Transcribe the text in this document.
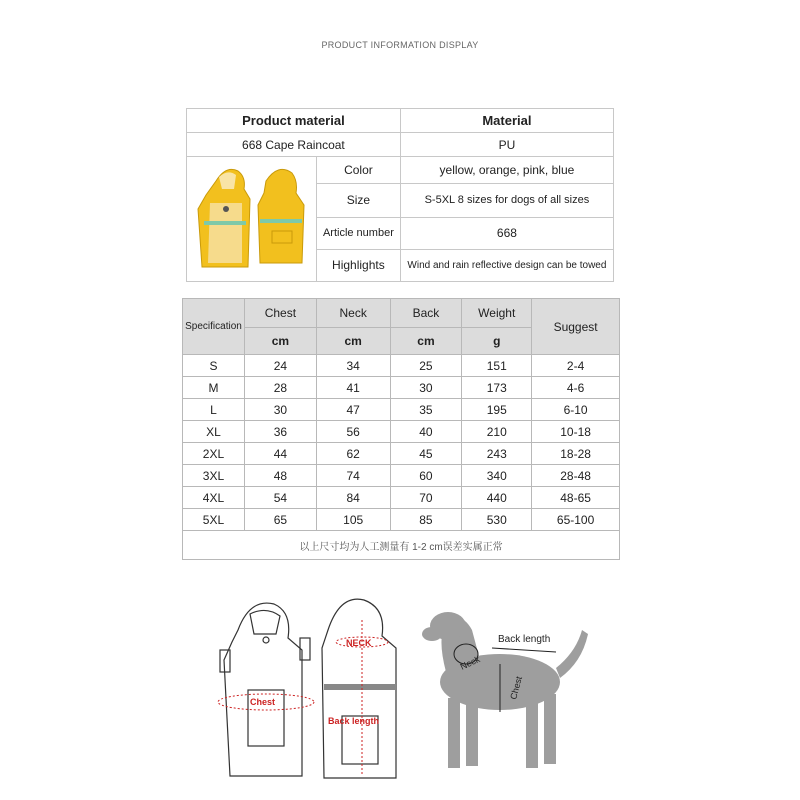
PRODUCT INFORMATION DISPLAY
Product material		Material
668 Cape Raincoat		PU
	Color	yellow, orange, pink, blue
	Size	S-5XL 8 sizes for dogs of all sizes
	Article number	668
	Highlights	Wind and rain reflective design can be towed
Specification	Chest	Neck	Back	Weight	Suggest
	cm	cm	cm	g	
S	24	34	25	151	2-4
M	28	41	30	173	4-6
L	30	47	35	195	6-10
XL	36	56	40	210	10-18
2XL	44	62	45	243	18-28
3XL	48	74	60	340	28-48
4XL	54	84	70	440	48-65
5XL	65	105	85	530	65-100
以上尺寸均为人工测量有 1-2 cm误差实属正常					
NECK
Chest
Back length
Back length
Neck
Chest
